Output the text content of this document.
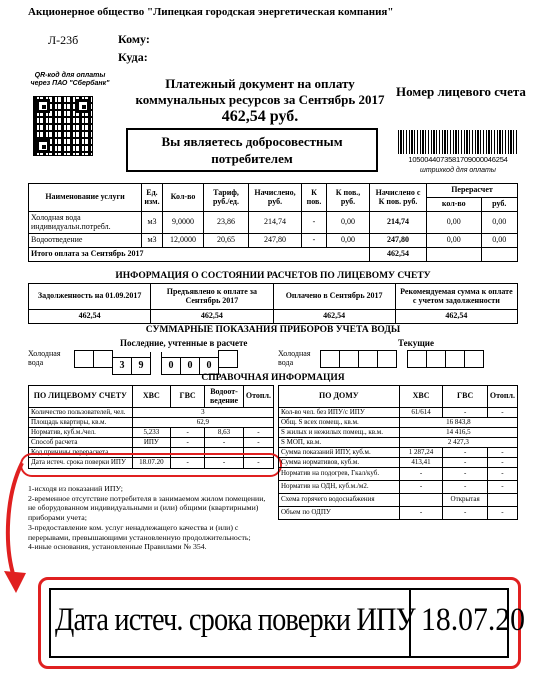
Акционерное общество "Липецкая городская энергетическая компания"
Л-23б	Кому:
Куда:
QR-код для оплаты
через ПАО "Сбербанк"	Платежный документ на оплату
коммунальных ресурсов за Сентябрь 2017
462,54 руб.
Номер лицевого счета
Вы являетесь добросовестным
потребителем	1050044073581709000046254
штрихкод для оплаты
Наименование услуги	Ед. изм.	Кол-во	Тариф, руб./ед.	Начислено, руб.	К пов.	К пов., руб.	Начислено с К пов. руб.	Перерасчет	
								кол-во	руб.
Холодная вода индивидуальн.потребл.	м3	9,0000	23,86	214,74	-	0,00	214,74	0,00	0,00
Водоотведение	м3	12,0000	20,65	247,80	-	0,00	247,80	0,00	0,00
Итого оплата за Сентябрь 2017							462,54		
ИНФОРМАЦИЯ О СОСТОЯНИИ РАСЧЕТОВ ПО ЛИЦЕВОМУ СЧЕТУ
Задолженность на 01.09.2017	Предъявлено к оплате за Сентябрь 2017	Оплачено в Сентябрь 2017	Рекомендуемая сумма к оплате с учетом задолженности
462,54	462,54	462,54	462,54
СУММАРНЫЕ ПОКАЗАНИЯ ПРИБОРОВ УЧЕТА ВОДЫ
Последние, учтенные в расчете	Текущие
Холодная вода	3 9	0 0 0
Холодная вода
СПРАВОЧНАЯ ИНФОРМАЦИЯ
ПО ЛИЦЕВОМУ СЧЕТУ	ХВС	ГВС	Водоот- ведение	Отопл.
Количество пользователей, чел.	3			
Площадь квартиры, кв.м.	62,9			
Норматив, куб.м./чел.	5,233	-	8,63	-
Способ расчета	ИПУ	-	-	-
Код причины перерасчета				
Дата истеч. срока поверки ИПУ	18.07.20	-	-	-
1-исходя из показаний ИПУ;
2-временное отсутствие потребителя в занимаемом жилом помещении, не оборудованном индивидуальными и (или) общими (квартирными) приборами учета;
3-предоставление ком. услуг ненадлежащего качества и (или) с перерывами, превышающими установленную продолжительность;
4-иные основания, установленные Правилами № 354.
ПО ДОМУ	ХВС	ГВС	Отопл.
Кол-во чел. без ИПУ/с ИПУ	61/614	-	-
Общ. S всех помещ., кв.м.	16 843,8		
S жилых и нежилых помещ., кв.м.	14 416,5		
S МОП, кв.м.	2 427,3		
Сумма показаний ИПУ, куб.м.	1 287,24	-	-
Сумма нормативов, куб.м.	413,41	-	-
Норматив на подогрев, Гкал/куб.	-	-	-
Норматив на ОДН, куб.м./м2.	-	-	-
Схема горячего водоснабжения		Открытая	
Объем по ОДПУ	-	-	-
Дата истеч. срока поверки ИПУ 18.07.20
